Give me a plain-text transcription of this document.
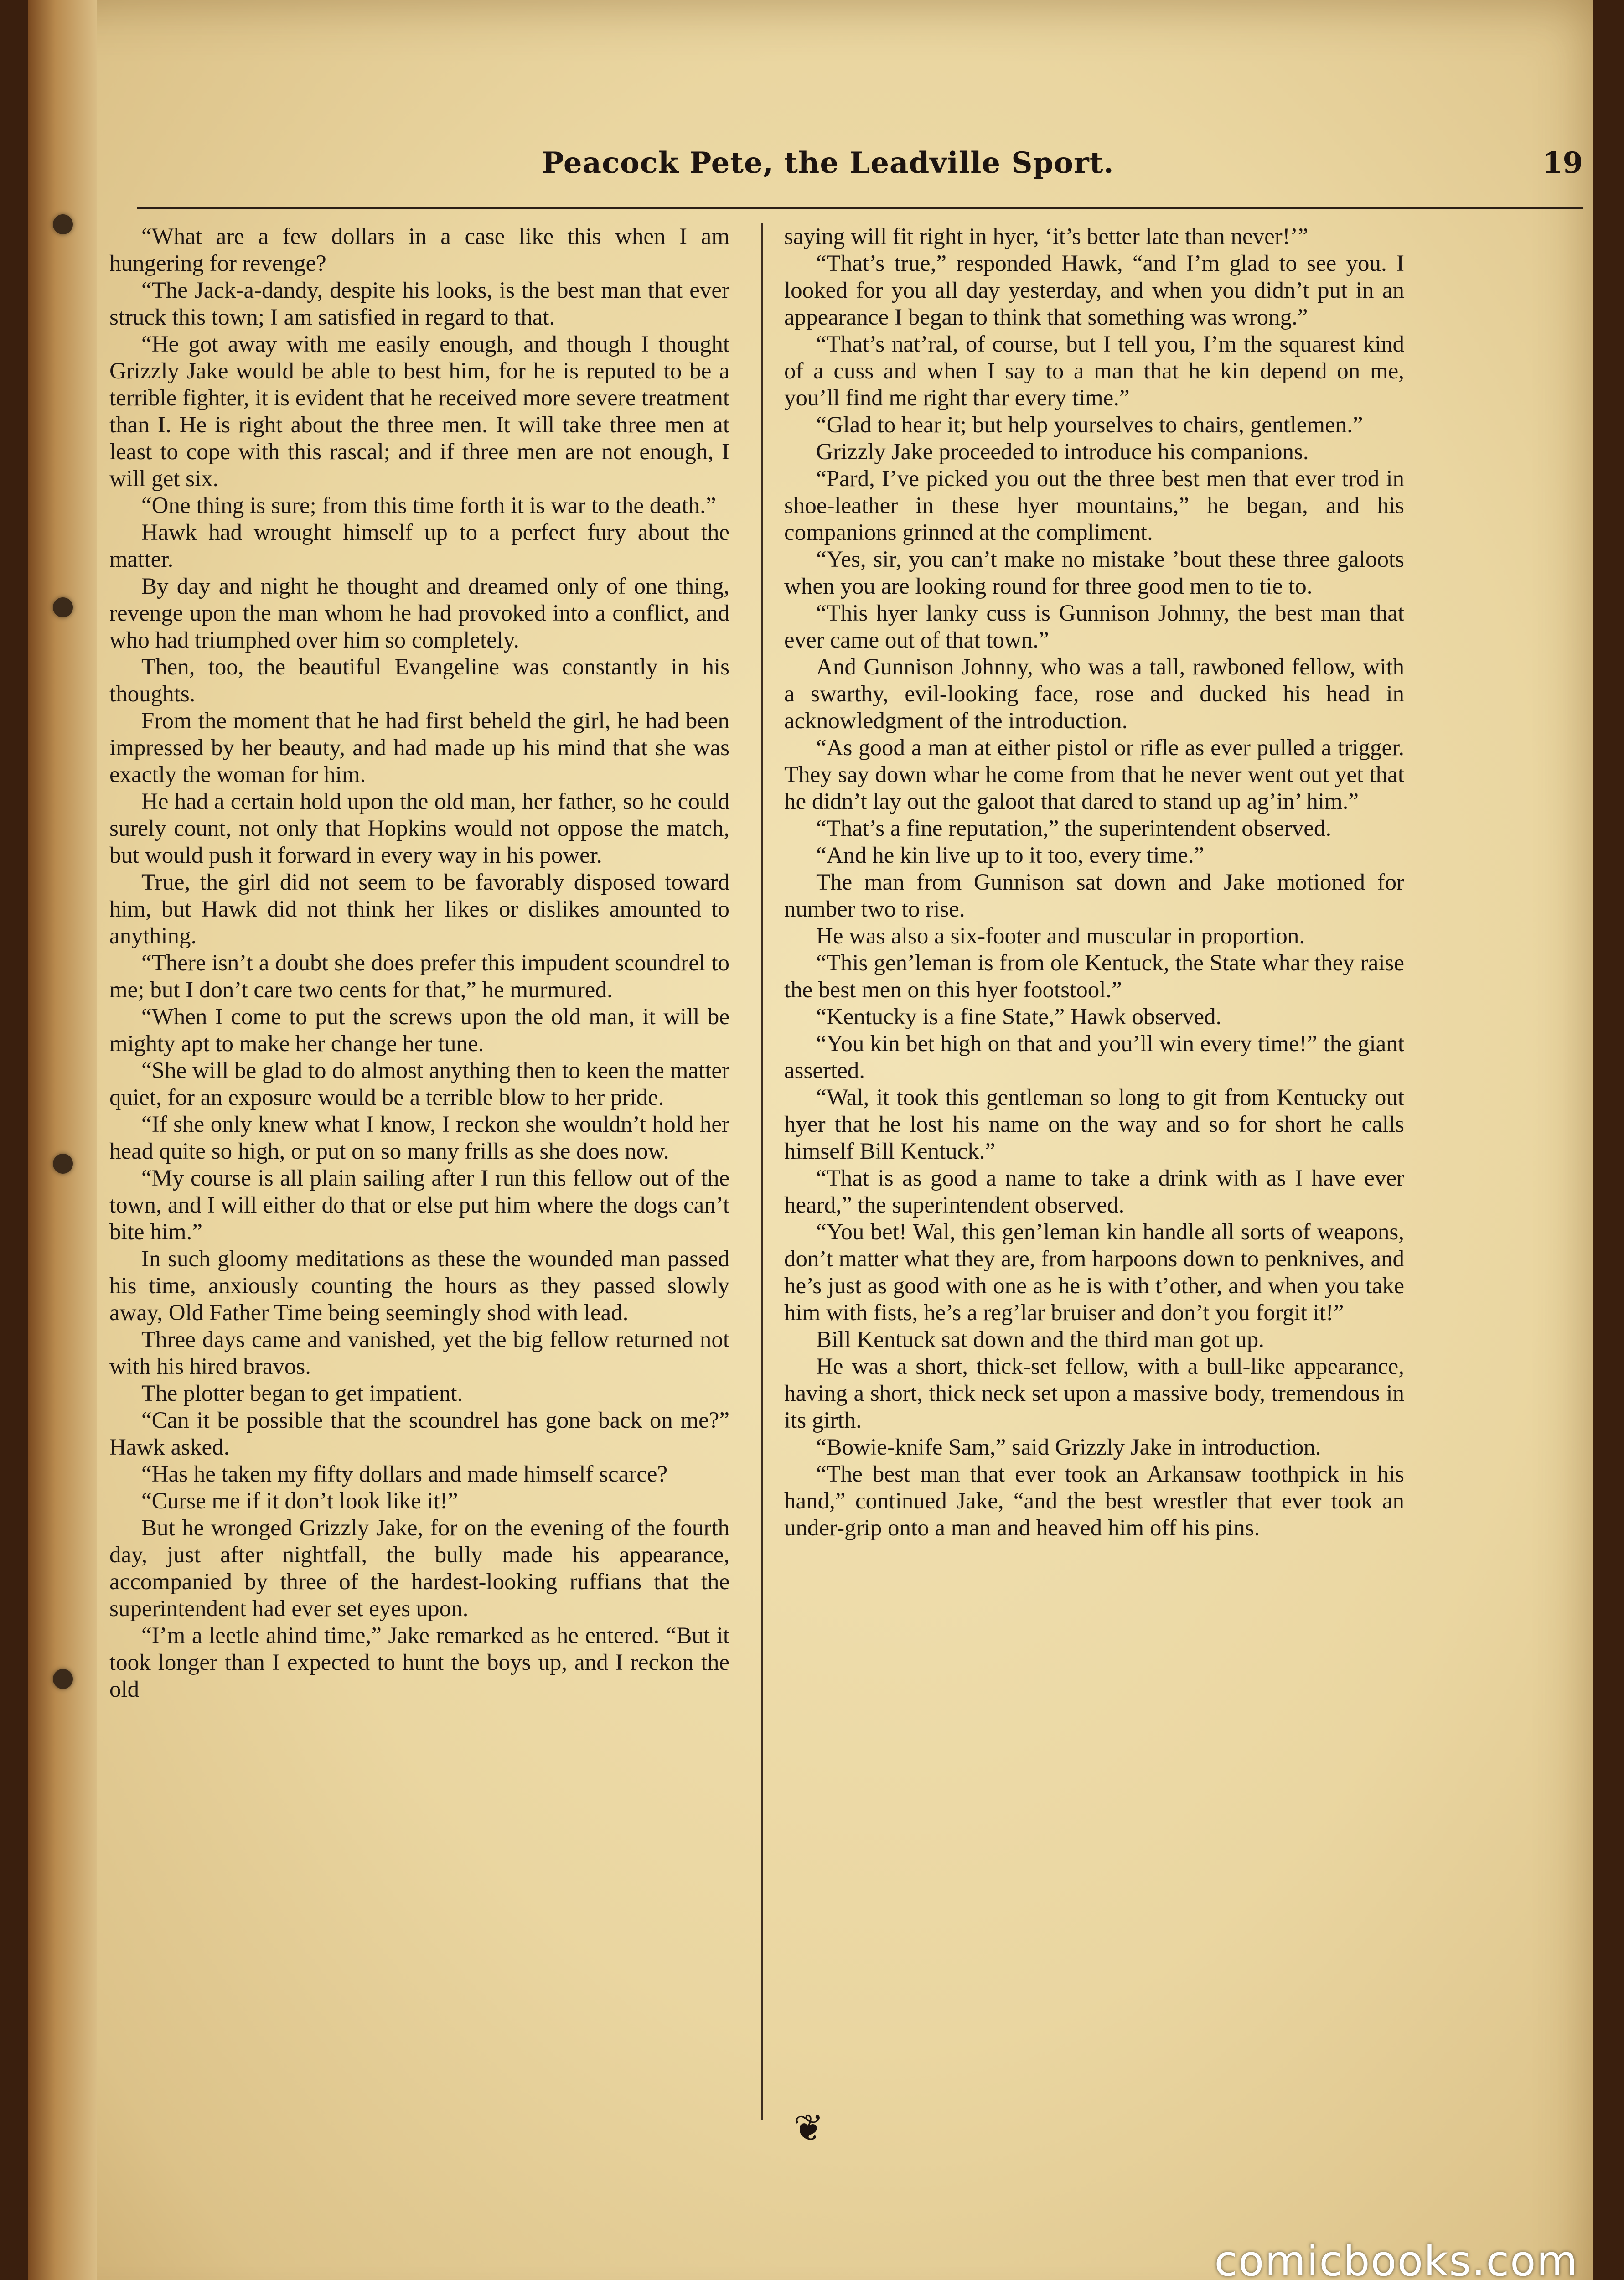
Peacock Pete, the Leadville Sport.	19

“What are a few dollars in a case like this when I am hungering for revenge?

“The Jack-a-dandy, despite his looks, is the best man that ever struck this town; I am satisfied in regard to that.

“He got away with me easily enough, and though I thought Grizzly Jake would be able to best him, for he is reputed to be a terrible fighter, it is evident that he received more severe treatment than I. He is right about the three men. It will take three men at least to cope with this rascal; and if three men are not enough, I will get six.

“One thing is sure; from this time forth it is war to the death.”

Hawk had wrought himself up to a perfect fury about the matter.

By day and night he thought and dreamed only of one thing, revenge upon the man whom he had provoked into a conflict, and who had triumphed over him so completely.

Then, too, the beautiful Evangeline was constantly in his thoughts.

From the moment that he had first beheld the girl, he had been impressed by her beauty, and had made up his mind that she was exactly the woman for him.

He had a certain hold upon the old man, her father, so he could surely count, not only that Hopkins would not oppose the match, but would push it forward in every way in his power.

True, the girl did not seem to be favorably disposed toward him, but Hawk did not think her likes or dislikes amounted to anything.

“There isn’t a doubt she does prefer this impudent scoundrel to me; but I don’t care two cents for that,” he murmured.

“When I come to put the screws upon the old man, it will be mighty apt to make her change her tune.

“She will be glad to do almost anything then to keen the matter quiet, for an exposure would be a terrible blow to her pride.

“If she only knew what I know, I reckon she wouldn’t hold her head quite so high, or put on so many frills as she does now.

“My course is all plain sailing after I run this fellow out of the town, and I will either do that or else put him where the dogs can’t bite him.”

In such gloomy meditations as these the wounded man passed his time, anxiously counting the hours as they passed slowly away, Old Father Time being seemingly shod with lead.

Three days came and vanished, yet the big fellow returned not with his hired bravos.

The plotter began to get impatient.

“Can it be possible that the scoundrel has gone back on me?” Hawk asked.

“Has he taken my fifty dollars and made himself scarce?

“Curse me if it don’t look like it!”

But he wronged Grizzly Jake, for on the evening of the fourth day, just after nightfall, the bully made his appearance, accompanied by three of the hardest-looking ruffians that the superintendent had ever set eyes upon.

“I’m a leetle ahind time,” Jake remarked as he entered. “But it took longer than I expected to hunt the boys up, and I reckon the old

saying will fit right in hyer, ‘it’s better late than never!’”

“That’s true,” responded Hawk, “and I’m glad to see you. I looked for you all day yesterday, and when you didn’t put in an appearance I began to think that something was wrong.”

“That’s nat’ral, of course, but I tell you, I’m the squarest kind of a cuss and when I say to a man that he kin depend on me, you’ll find me right thar every time.”

“Glad to hear it; but help yourselves to chairs, gentlemen.”

Grizzly Jake proceeded to introduce his companions.

“Pard, I’ve picked you out the three best men that ever trod in shoe-leather in these hyer mountains,” he began, and his companions grinned at the compliment.

“Yes, sir, you can’t make no mistake ’bout these three galoots when you are looking round for three good men to tie to.

“This hyer lanky cuss is Gunnison Johnny, the best man that ever came out of that town.”

And Gunnison Johnny, who was a tall, rawboned fellow, with a swarthy, evil-looking face, rose and ducked his head in acknowledgment of the introduction.

“As good a man at either pistol or rifle as ever pulled a trigger. They say down whar he come from that he never went out yet that he didn’t lay out the galoot that dared to stand up ag’in’ him.”

“That’s a fine reputation,” the superintendent observed.

“And he kin live up to it too, every time.”

The man from Gunnison sat down and Jake motioned for number two to rise.

He was also a six-footer and muscular in proportion.

“This gen’leman is from ole Kentuck, the State whar they raise the best men on this hyer footstool.”

“Kentucky is a fine State,” Hawk observed.

“You kin bet high on that and you’ll win every time!” the giant asserted.

“Wal, it took this gentleman so long to git from Kentucky out hyer that he lost his name on the way and so for short he calls himself Bill Kentuck.”

“That is as good a name to take a drink with as I have ever heard,” the superintendent observed.

“You bet! Wal, this gen’leman kin handle all sorts of weapons, don’t matter what they are, from harpoons down to penknives, and he’s just as good with one as he is with t’other, and when you take him with fists, he’s a reg’lar bruiser and don’t you forgit it!”

Bill Kentuck sat down and the third man got up.

He was a short, thick-set fellow, with a bull-like appearance, having a short, thick neck set upon a massive body, tremendous in its girth.

“Bowie-knife Sam,” said Grizzly Jake in introduction.

“The best man that ever took an Arkansaw toothpick in his hand,” continued Jake, “and the best wrestler that ever took an under-grip onto a man and heaved him off his pins.

❦
comicbooks.com
